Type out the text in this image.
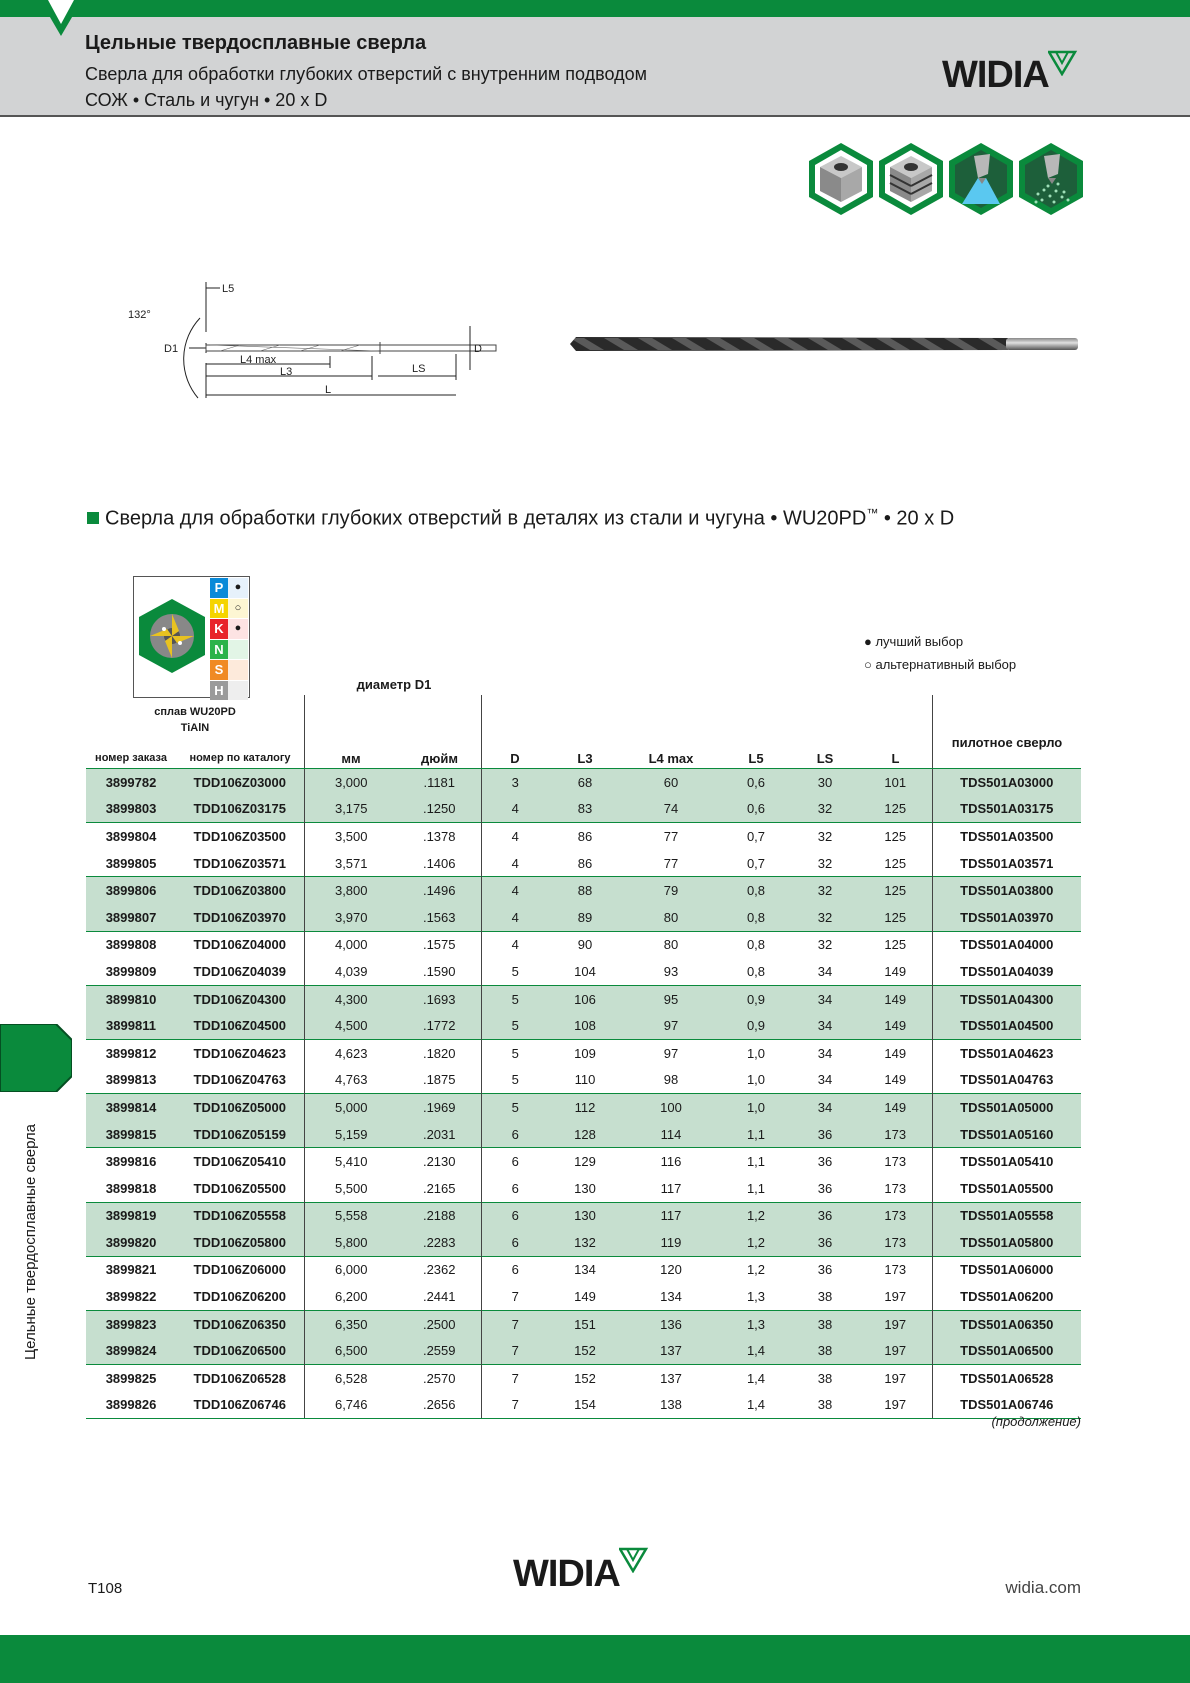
Цельные твердосплавные сверла
Сверла для обработки глубоких отверстий с внутренним подводом
СОЖ • Сталь и чугун • 20 x D
WIDIA
132°
L5
D1
L4 max
L3	LS
L
D
Сверла для обработки глубоких отверстий в деталях из стали и чугуна • WU20PD™ • 20 x D
P	●
M ○
K ●
N
S
H
сплав WU20PD
TiAlN
● лучший выбор
○ альтернативный выбор
диаметр D1
номер заказа	номер по каталогу	мм	дюйм	D	L3	L4 max	L5	LS	L
пилотное сверло
3899782	TDD106Z03000	3,000	.1181	3	68	60	0,6	30	101	TDS501A03000
3899803	TDD106Z03175	3,175	.1250	4	83	74	0,6	32	125	TDS501A03175
3899804	TDD106Z03500	3,500	.1378	4	86	77	0,7	32	125	TDS501A03500
3899805	TDD106Z03571	3,571	.1406	4	86	77	0,7	32	125	TDS501A03571
3899806	TDD106Z03800	3,800	.1496	4	88	79	0,8	32	125	TDS501A03800
3899807	TDD106Z03970	3,970	.1563	4	89	80	0,8	32	125	TDS501A03970
3899808	TDD106Z04000	4,000	.1575	4	90	80	0,8	32	125	TDS501A04000
3899809	TDD106Z04039	4,039	.1590	5	104	93	0,8	34	149	TDS501A04039
3899810	TDD106Z04300	4,300	.1693	5	106	95	0,9	34	149	TDS501A04300
3899811	TDD106Z04500	4,500	.1772	5	108	97	0,9	34	149	TDS501A04500
3899812	TDD106Z04623	4,623	.1820	5	109	97	1,0	34	149	TDS501A04623
3899813	TDD106Z04763	4,763	.1875	5	110	98	1,0	34	149	TDS501A04763
3899814	TDD106Z05000	5,000	.1969	5	112	100	1,0	34	149	TDS501A05000
3899815	TDD106Z05159	5,159	.2031	6	128	114	1,1	36	173	TDS501A05160
3899816	TDD106Z05410	5,410	.2130	6	129	116	1,1	36	173	TDS501A05410
3899818	TDD106Z05500	5,500	.2165	6	130	117	1,1	36	173	TDS501A05500
3899819	TDD106Z05558	5,558	.2188	6	130	117	1,2	36	173	TDS501A05558
3899820	TDD106Z05800	5,800	.2283	6	132	119	1,2	36	173	TDS501A05800
3899821	TDD106Z06000	6,000	.2362	6	134	120	1,2	36	173	TDS501A06000
3899822	TDD106Z06200	6,200	.2441	7	149	134	1,3	38	197	TDS501A06200
3899823	TDD106Z06350	6,350	.2500	7	151	136	1,3	38	197	TDS501A06350
3899824	TDD106Z06500	6,500	.2559	7	152	137	1,4	38	197	TDS501A06500
3899825	TDD106Z06528	6,528	.2570	7	152	137	1,4	38	197	TDS501A06528
3899826	TDD106Z06746	6,746	.2656	7	154	138	1,4	38	197	TDS501A06746
(продолжение)
Цельные твердосплавные сверла
T108	WIDIA	widia.com
